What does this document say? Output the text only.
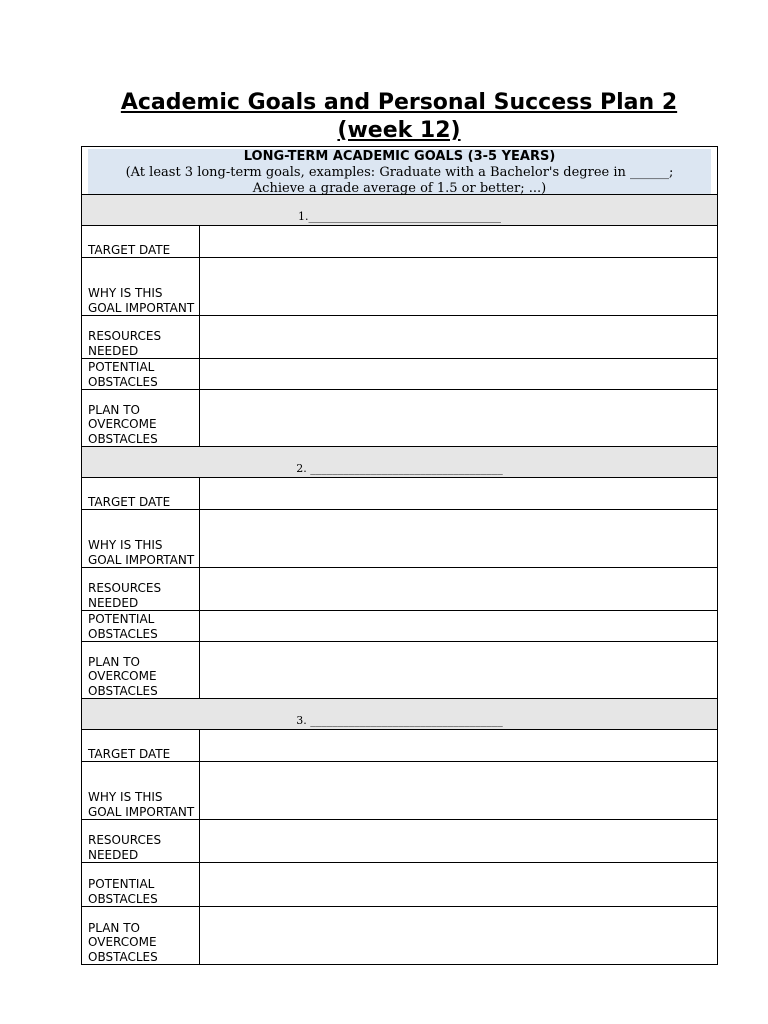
Academic Goals and Personal Success Plan 2 (week 12)
LONG-TERM ACADEMIC GOALS (3-5 YEARS)
(At least 3 long-term goals, examples: Graduate with a Bachelor's degree in ______; Achieve a grade average of 1.5 or better; ...)	

1.___________________________________	
TARGET DATE	
WHY IS THIS GOAL IMPORTANT	
RESOURCES NEEDED	
POTENTIAL OBSTACLES	
PLAN TO OVERCOME OBSTACLES	
2. ___________________________________	
TARGET DATE	
WHY IS THIS GOAL IMPORTANT	
RESOURCES NEEDED	
POTENTIAL OBSTACLES	
PLAN TO OVERCOME OBSTACLES	
3. ___________________________________	
TARGET DATE	
WHY IS THIS GOAL IMPORTANT	
RESOURCES NEEDED	
POTENTIAL OBSTACLES	
PLAN TO OVERCOME OBSTACLES	
